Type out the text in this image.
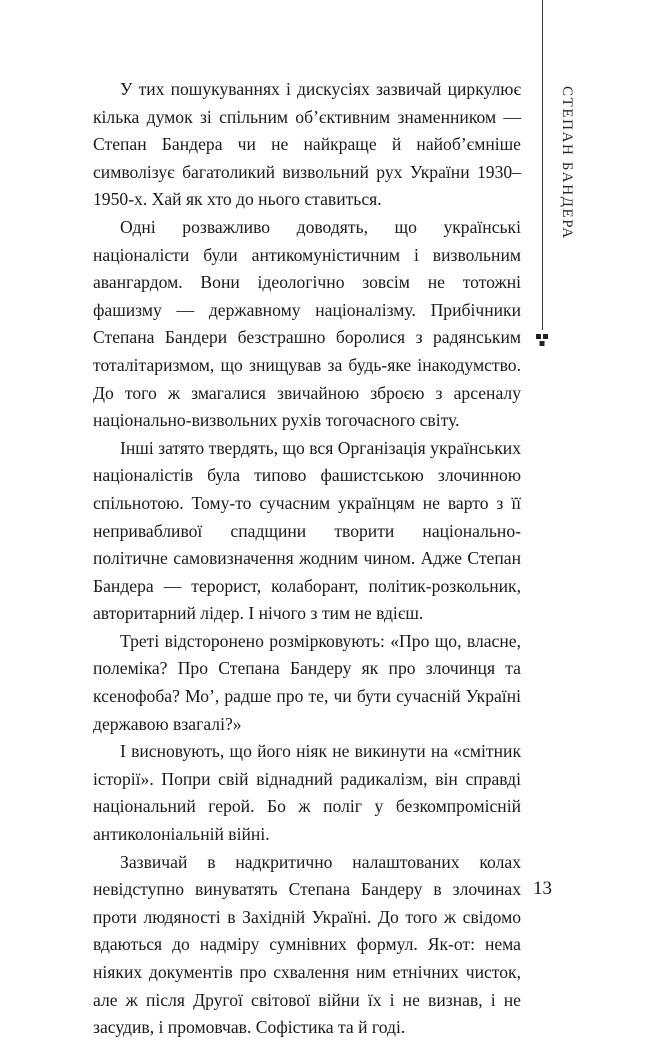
СТЕПАН БАНДЕРА

У тих пошукуваннях і дискусіях зазвичай циркулює кілька думок зі спільним об’єктивним знаменником — Степан Бандера чи не найкраще й найоб’ємніше символізує багатоликий визвольний рух України 1930–1950-х. Хай як хто до нього ставиться.

Одні розважливо доводять, що українські націоналісти були антикомуністичним і визвольним авангардом. Вони ідеологічно зовсім не тотожні фашизму — державному націоналізму. Прибічники Степана Бандери безстрашно боролися з радянським тоталітаризмом, що знищував за будь-яке інакодумство. До того ж змагалися звичайною зброєю з арсеналу національно-визвольних рухів тогочасного світу.

Інші затято твердять, що вся Організація українських націоналістів була типово фашистською злочинною спільнотою. Тому-то сучасним українцям не варто з її непривабливої спадщини творити національно-політичне самовизначення жодним чином. Адже Степан Бандера — терорист, колаборант, політик-розкольник, авторитарний лідер. І нічого з тим не вдієш.

Треті відсторонено розмірковують: «Про що, власне, полеміка? Про Степана Бандеру як про злочинця та ксенофоба? Мо’, радше про те, чи бути сучасній Україні державою взагалі?»

І висновують, що його ніяк не викинути на «смітник історії». Попри свій віднадний радикалізм, він справді національний герой. Бо ж поліг у безкомпромісній антиколоніальній війні.

Зазвичай в надкритично налаштованих колах невідступно винуватять Степана Бандеру в злочинах проти людяності в Західній Україні. До того ж свідомо вдаються до надміру сумнівних формул. Як-от: нема ніяких документів про схвалення ним етнічних чисток, але ж після Другої світової війни їх і не визнав, і не засудив, і промовчав. Софістика та й годі.

13
